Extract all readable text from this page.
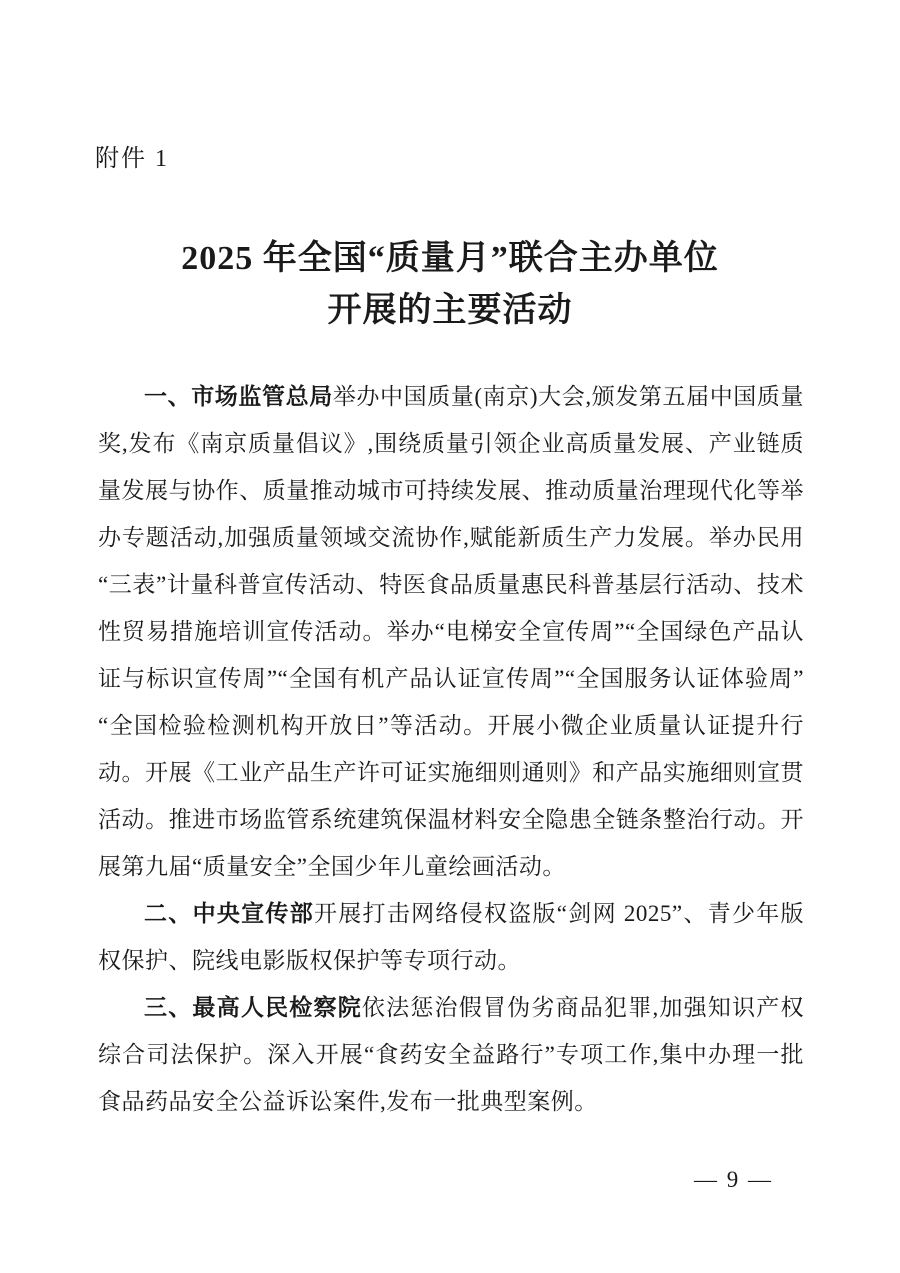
附件 1
2025 年全国“质量月”联合主办单位
开展的主要活动

一、市场监管总局举办中国质量(南京)大会,颁发第五届中国质量奖,发布《南京质量倡议》,围绕质量引领企业高质量发展、产业链质量发展与协作、质量推动城市可持续发展、推动质量治理现代化等举办专题活动,加强质量领域交流协作,赋能新质生产力发展。举办民用“三表”计量科普宣传活动、特医食品质量惠民科普基层行活动、技术性贸易措施培训宣传活动。举办“电梯安全宣传周”“全国绿色产品认证与标识宣传周”“全国有机产品认证宣传周”“全国服务认证体验周”“全国检验检测机构开放日”等活动。开展小微企业质量认证提升行动。开展《工业产品生产许可证实施细则通则》和产品实施细则宣贯活动。推进市场监管系统建筑保温材料安全隐患全链条整治行动。开展第九届“质量安全”全国少年儿童绘画活动。

二、中央宣传部开展打击网络侵权盗版“剑网 2025”、青少年版权保护、院线电影版权保护等专项行动。

三、最高人民检察院依法惩治假冒伪劣商品犯罪,加强知识产权综合司法保护。深入开展“食药安全益路行”专项工作,集中办理一批食品药品安全公益诉讼案件,发布一批典型案例。

— 9 —
